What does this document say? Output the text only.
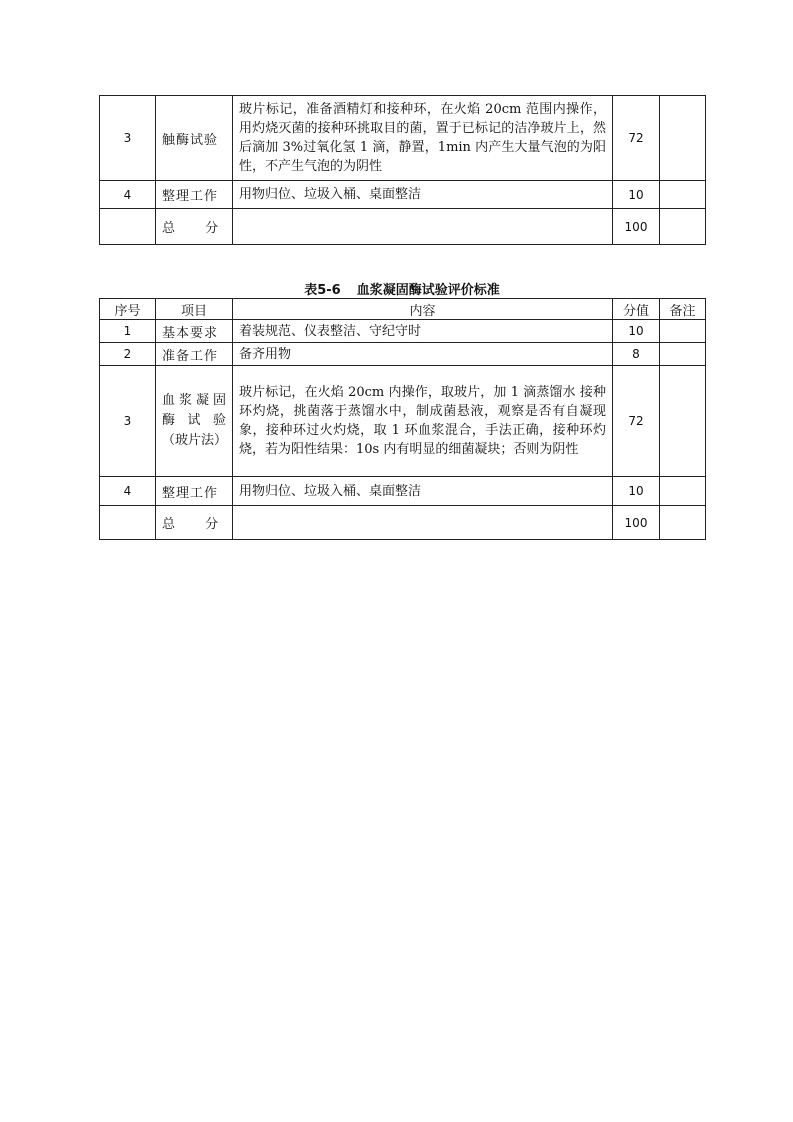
3	触酶试验	玻片标记，准备酒精灯和接种环，在火焰 20cm 范围内操作，用灼烧灭菌的接种环挑取目的菌，置于已标记的洁净玻片上，然后滴加 3%过氧化氢 1 滴，静置，1min 内产生大量气泡的为阳性，不产生气泡的为阴性	72	
4	整理工作	用物归位、垃圾入桶、桌面整洁	10	
	总 分		100	
表5-6 血浆凝固酶试验评价标准
序号	项目	内容	分值	备注
1	基本要求	着装规范、仪表整洁、守纪守时	10	
2	准备工作	备齐用物	8	
3	血浆凝固酶试验（玻片法）	玻片标记，在火焰 20cm 内操作，取玻片，加 1 滴蒸馏水 接种环灼烧，挑菌落于蒸馏水中，制成菌悬液，观察是否有自凝现象，接种环过火灼烧，取 1 环血浆混合，手法正确，接种环灼烧，若为阳性结果：10s 内有明显的细菌凝块；否则为阴性	72	
4	整理工作	用物归位、垃圾入桶、桌面整洁	10	
	总 分		100	
